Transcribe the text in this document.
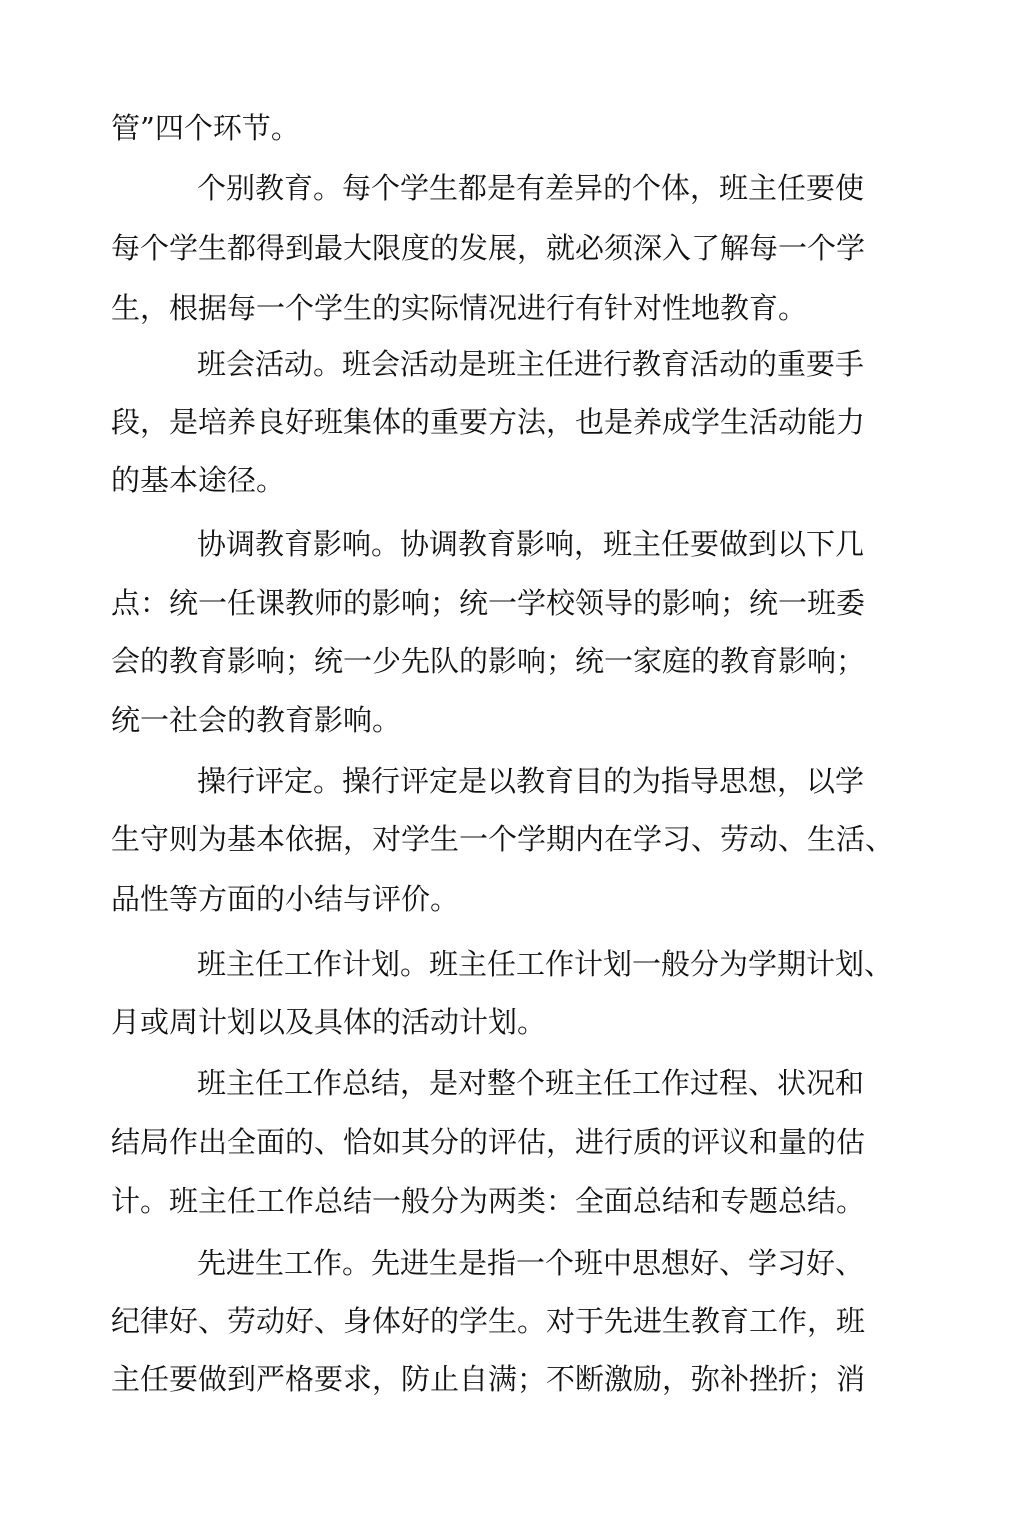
管”四个环节。
个别教育。每个学生都是有差异的个体，班主任要使
每个学生都得到最大限度的发展，就必须深入了解每一个学
生，根据每一个学生的实际情况进行有针对性地教育。
班会活动。班会活动是班主任进行教育活动的重要手
段，是培养良好班集体的重要方法，也是养成学生活动能力
的基本途径。
协调教育影响。协调教育影响，班主任要做到以下几
点：统一任课教师的影响；统一学校领导的影响；统一班委
会的教育影响；统一少先队的影响；统一家庭的教育影响；
统一社会的教育影响。
操行评定。操行评定是以教育目的为指导思想，以学
生守则为基本依据，对学生一个学期内在学习、劳动、生活、
品性等方面的小结与评价。
班主任工作计划。班主任工作计划一般分为学期计划、
月或周计划以及具体的活动计划。
班主任工作总结，是对整个班主任工作过程、状况和
结局作出全面的、恰如其分的评估，进行质的评议和量的估
计。班主任工作总结一般分为两类：全面总结和专题总结。
先进生工作。先进生是指一个班中思想好、学习好、
纪律好、劳动好、身体好的学生。对于先进生教育工作，班
主任要做到严格要求，防止自满；不断激励，弥补挫折；消
